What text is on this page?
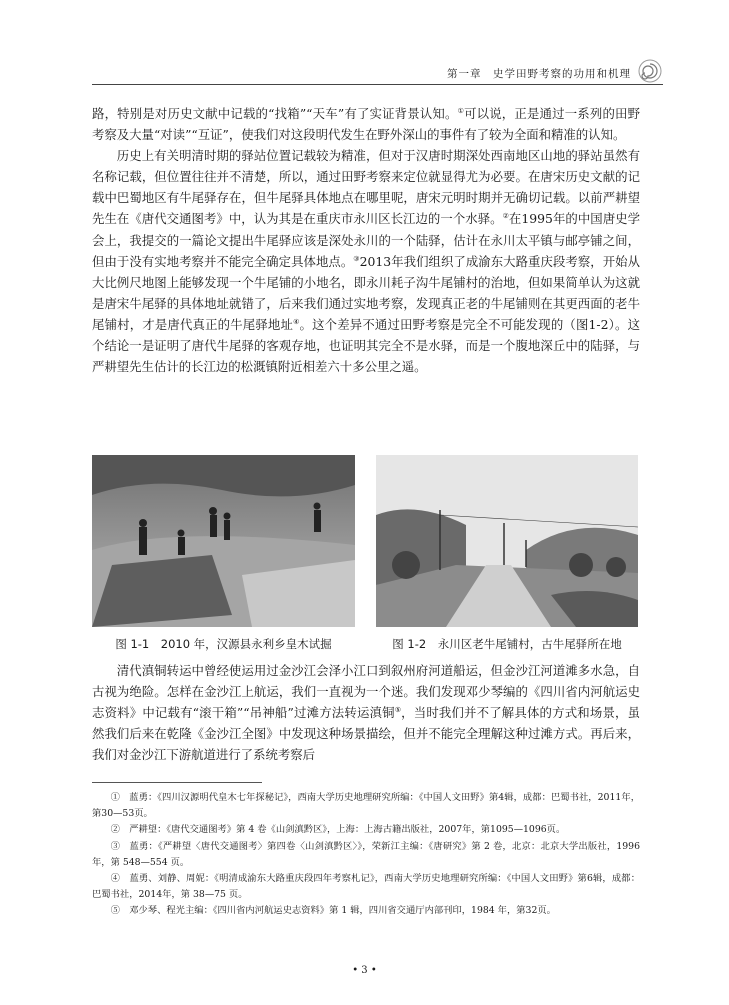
第一章　史学田野考察的功用和机理

路，特别是对历史文献中记载的“找箱”“天车”有了实证背景认知。①可以说，正是通过一系列的田野考察及大量“对读”“互证”，使我们对这段明代发生在野外深山的事件有了较为全面和精准的认知。

历史上有关明清时期的驿站位置记载较为精准，但对于汉唐时期深处西南地区山地的驿站虽然有名称记载，但位置往往并不清楚，所以，通过田野考察来定位就显得尤为必要。在唐宋历史文献的记载中巴蜀地区有牛尾驿存在，但牛尾驿具体地点在哪里呢，唐宋元明时期并无确切记载。以前严耕望先生在《唐代交通图考》中，认为其是在重庆市永川区长江边的一个水驿。②在1995年的中国唐史学会上，我提交的一篇论文提出牛尾驿应该是深处永川的一个陆驿，估计在永川太平镇与邮亭铺之间，但由于没有实地考察并不能完全确定具体地点。③2013年我们组织了成渝东大路重庆段考察，开始从大比例尺地图上能够发现一个牛尾铺的小地名，即永川耗子沟牛尾铺村的治地，但如果简单认为这就是唐宋牛尾驿的具体地址就错了，后来我们通过实地考察，发现真正老的牛尾铺则在其更西面的老牛尾铺村，才是唐代真正的牛尾驿地址④。这个差异不通过田野考察是完全不可能发现的（图1-2）。这个结论一是证明了唐代牛尾驿的客观存地，也证明其完全不是水驿，而是一个腹地深丘中的陆驿，与严耕望先生估计的长江边的松溉镇附近相差六十多公里之遥。

图 1-1　2010 年，汉源县永利乡皇木试掘	图 1-2　永川区老牛尾铺村，古牛尾驿所在地

清代滇铜转运中曾经使运用过金沙江会泽小江口到叙州府河道船运，但金沙江河道滩多水急，自古视为绝险。怎样在金沙江上航运，我们一直视为一个迷。我们发现邓少琴编的《四川省内河航运史志资料》中记载有“滚干箱”“吊神船”过滩方法转运滇铜⑤，当时我们并不了解具体的方式和场景，虽然我们后来在乾隆《金沙江全图》中发现这种场景描绘，但并不能完全理解这种过滩方式。再后来，我们对金沙江下游航道进行了系统考察后

①　蓝勇：《四川汉源明代皇木七年探秘记》，西南大学历史地理研究所编：《中国人文田野》第4辑，成都：巴蜀书社，2011年，第30—53页。
②　严耕望：《唐代交通图考》第 4 卷《山剑滇黔区》，上海：上海古籍出版社，2007年，第1095—1096页。
③　蓝勇：《严耕望〈唐代交通图考〉第四卷〈山剑滇黔区〉》，荣新江主编：《唐研究》第 2 卷，北京：北京大学出版社，1996年，第 548—554 页。
④　蓝勇、刘静、周妮：《明清成渝东大路重庆段四年考察札记》，西南大学历史地理研究所编：《中国人文田野》第6辑，成都：巴蜀书社，2014年，第 38—75 页。
⑤　邓少琴、程光主编：《四川省内河航运史志资料》第 1 辑，四川省交通厅内部刊印，1984 年，第32页。
• 3 •
